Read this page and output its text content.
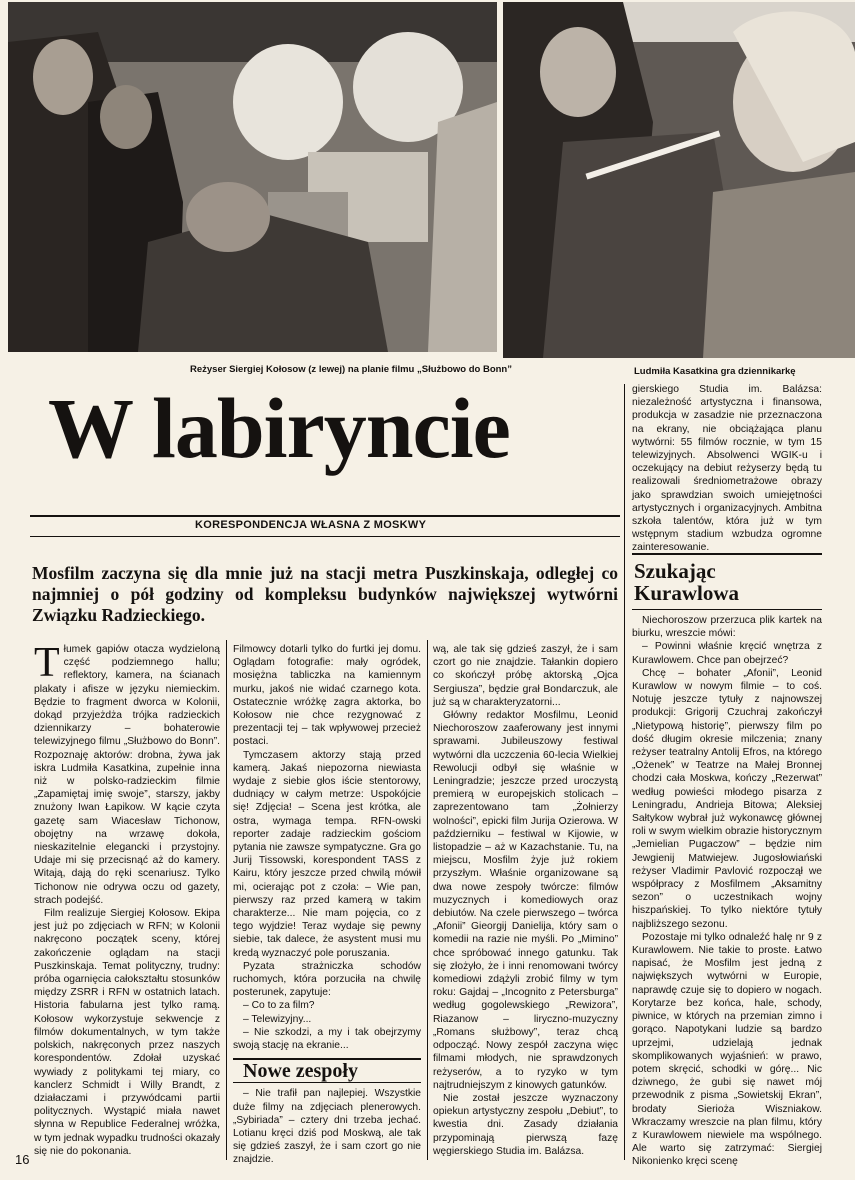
Reżyser Siergiej Kołosow (z lewej) na planie filmu „Służbowo do Bonn”	Ludmiła Kasatkina gra dziennikarkę
W labiryncie
KORESPONDENCJA WŁASNA Z MOSKWY
Mosfilm zaczyna się dla mnie już na stacji metra Puszkinskaja, odległej co najmniej o pół godziny od kompleksu budynków największej wytwórni Związku Radzieckiego.

Tłumek gapiów otacza wydzieloną część podziemnego hallu; reflektory, kamera, na ścianach plakaty i afisze w języku niemieckim. Będzie to fragment dworca w Kolonii, dokąd przyjeżdża trójka radzieckich dziennikarzy – bohaterowie telewizyjnego filmu „Służbowo do Bonn”. Rozpoznaję aktorów: drobna, żywa jak iskra Ludmiła Kasatkina, zupełnie inna niż w polsko-radzieckim filmie „Zapamiętaj imię swoje”, starszy, jakby znużony Iwan Łapikow. W kącie czyta gazetę sam Wiacesław Tichonow, obojętny na wrzawę dokoła, nieskazitelnie elegancki i przystojny. Udaje mi się przecisnąć aż do kamery. Witają, dają do ręki scenariusz. Tylko Tichonow nie odrywa oczu od gazety, strach podejść.

Film realizuje Siergiej Kołosow. Ekipa jest już po zdjęciach w RFN; w Kolonii nakręcono początek sceny, której zakończenie oglądam na stacji Puszkinskaja. Temat polityczny, trudny: próba ogarnięcia całokształtu stosunków między ZSRR i RFN w ostatnich latach. Historia fabularna jest tylko ramą. Kołosow wykorzystuje sekwencje z filmów dokumentalnych, w tym także polskich, nakręconych przez naszych korespondentów. Zdołał uzyskać wywiady z politykami tej miary, co kanclerz Schmidt i Willy Brandt, z działaczami i przywódcami partii politycznych. Wystąpić miała nawet słynna w Republice Federalnej wróżka, w tym jednak wypadku trudności okazały się nie do pokonania.

Filmowcy dotarli tylko do furtki jej domu. Oglądam fotografie: mały ogródek, mosiężna tabliczka na kamiennym murku, jakoś nie widać czarnego kota. Ostatecznie wróżkę zagra aktorka, bo Kołosow nie chce rezygnować z prezentacji tej – tak wpływowej przecież postaci.

Tymczasem aktorzy stają przed kamerą. Jakaś niepozorna niewiasta wydaje z siebie głos iście stentorowy, dudniący w całym metrze: Uspokójcie się! Zdjęcia! – Scena jest krótka, ale ostra, wymaga tempa. RFN-owski reporter zadaje radzieckim gościom pytania nie zawsze sympatyczne. Gra go Jurij Tissowski, korespondent TASS z Kairu, który jeszcze przed chwilą mówił mi, ocierając pot z czoła: – Wie pan, pierwszy raz przed kamerą w takim charakterze... Nie mam pojęcia, co z tego wyjdzie! Teraz wydaje się pewny siebie, tak dalece, że asystent musi mu kredą wyznaczyć pole poruszania.

Pyzata strażniczka schodów ruchomych, która porzuciła na chwilę posterunek, zapytuje:

– Co to za film?

– Telewizyjny...

– Nie szkodzi, a my i tak obejrzymy swoją stację na ekranie...

Nowe zespoły

– Nie trafił pan najlepiej. Wszystkie duże filmy na zdjęciach plenerowych. „Sybiriada” – cztery dni trzeba jechać. Lotianu kręci dziś pod Moskwą, ale tak się gdzieś zaszył, że i sam czort go nie znajdzie.

wą, ale tak się gdzieś zaszył, że i sam czort go nie znajdzie. Tałankin dopiero co skończył próbę aktorską „Ojca Sergiusza”, będzie grał Bondarczuk, ale już są w charakteryzatorni...

Główny redaktor Mosfilmu, Leonid Niechoroszow zaaferowany jest innymi sprawami. Jubileuszowy festiwal wytwórni dla uczczenia 60-lecia Wielkiej Rewolucji odbył się właśnie w Leningradzie; jeszcze przed uroczystą premierą w europejskich stolicach – zaprezentowano tam „Żołnierzy wolności”, epicki film Jurija Ozierowa. W październiku – festiwal w Kijowie, w listopadzie – aż w Kazachstanie. Tu, na miejscu, Mosfilm żyje już rokiem przyszłym. Właśnie organizowane są dwa nowe zespoły twórcze: filmów muzycznych i komediowych oraz debiutów. Na czele pierwszego – twórca „Afonii” Gieorgij Danielija, który sam o komedii na razie nie myśli. Po „Mimino” chce spróbować innego gatunku. Tak się złożyło, że i inni renomowani twórcy komediowi zdążyli zrobić filmy w tym roku: Gajdaj – „Incognito z Petersburga” według gogolewskiego „Rewizora”, Riazanow – liryczno-muzyczny „Romans służbowy”, teraz chcą odpocząć. Nowy zespół zaczyna więc filmami młodych, nie sprawdzonych reżyserów, a to ryzyko w tym najtrudniejszym z kinowych gatunków.

Nie został jeszcze wyznaczony opiekun artystyczny zespołu „Debiut”, to kwestia dni. Zasady działania przypominają pierwszą fazę węgierskiego Studia im. Balázsa.

gierskiego Studia im. Balázsa: niezależność artystyczna i finansowa, produkcja w zasadzie nie przeznaczona na ekrany, nie obciążająca planu wytwórni: 55 filmów rocznie, w tym 15 telewizyjnych. Absolwenci WGIK-u i oczekujący na debiut reżyserzy będą tu realizowali średniometrażowe obrazy jako sprawdzian swoich umiejętności artystycznych i organizacyjnych. Ambitna szkoła talentów, która już w tym wstępnym stadium wzbudza ogromne zainteresowanie.

Szukając Kurawlowa

Niechoroszow przerzuca plik kartek na biurku, wreszcie mówi:

– Powinni właśnie kręcić wnętrza z Kurawlowem. Chce pan obejrzeć?

Chcę – bohater „Afonii”, Leonid Kurawlow w nowym filmie – to coś. Notuję jeszcze tytuły z najnowszej produkcji: Grigorij Czuchraj zakończył „Nietypową historię”, pierwszy film po dość długim okresie milczenia; znany reżyser teatralny Antolij Efros, na którego „Ożenek” w Teatrze na Małej Bronnej chodzi cała Moskwa, kończy „Rezerwat” według powieści młodego pisarza z Leningradu, Andrieja Bitowa; Aleksiej Sałtykow wybrał już wykonawcę głównej roli w swym wielkim obrazie historycznym „Jemielian Pugaczow” – będzie nim Jewgienij Matwiejew. Jugosłowiański reżyser Vladimir Pavlović rozpoczął we współpracy z Mosfilmem „Aksamitny sezon” o uczestnikach wojny hiszpańskiej. To tylko niektóre tytuły najbliższego sezonu.

Pozostaje mi tylko odnaleźć halę nr 9 z Kurawlowem. Nie takie to proste. Łatwo napisać, że Mosfilm jest jedną z największych wytwórni w Europie, naprawdę czuje się to dopiero w nogach. Korytarze bez końca, hale, schody, piwnice, w których na przemian zimno i gorąco. Napotykani ludzie są bardzo uprzejmi, udzielają jednak skomplikowanych wyjaśnień: w prawo, potem skręcić, schodki w górę... Nic dziwnego, że gubi się nawet mój przewodnik z pisma „Sowietskij Ekran”, brodaty Sieriożа Wiszniakow. Wkraczamy wreszcie na plan filmu, który z Kurawlowem niewiele ma wspólnego. Ale warto się zatrzymać: Siergiej Nikonienko kręci scenę

16
